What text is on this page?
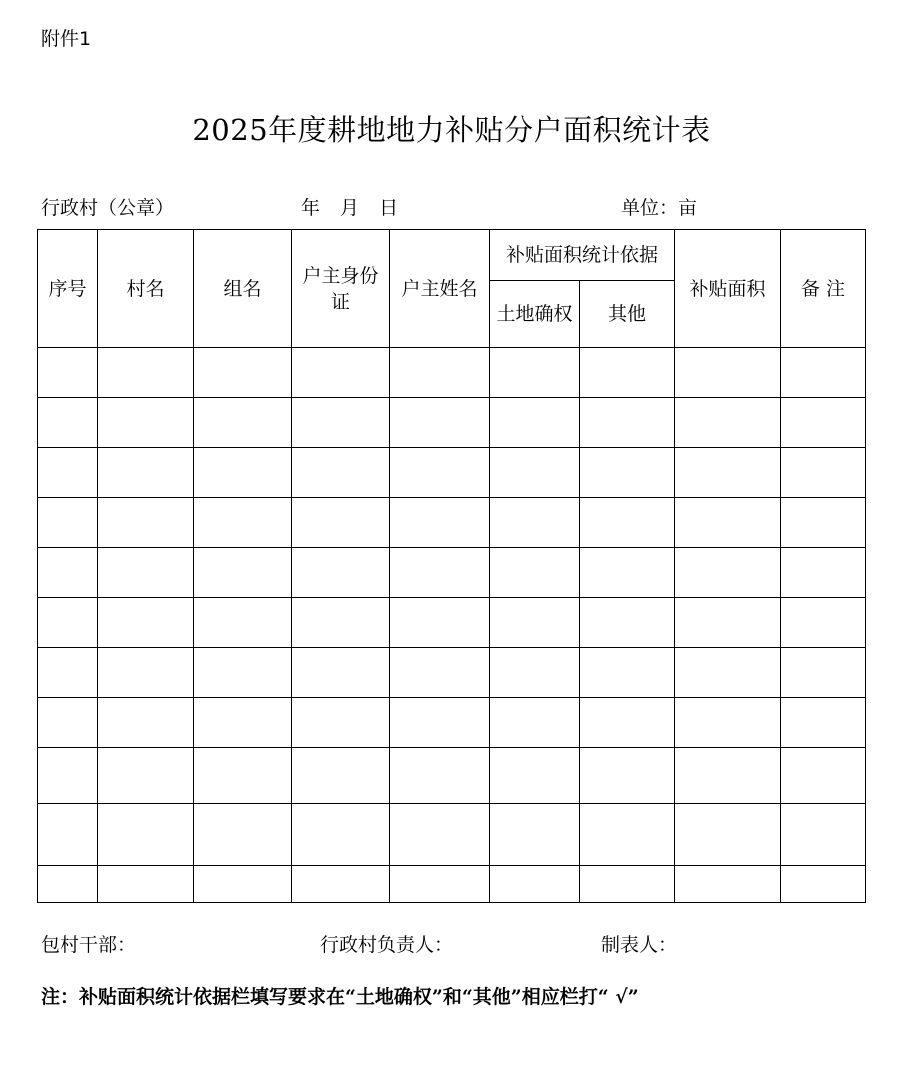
附件1
2025年度耕地地力补贴分户面积统计表
行政村（公章）	年 月 日	单位：亩
序号	村名	组名	户主身份证	户主姓名	补贴面积统计依据		补贴面积	备 注
					土地确权	其他		

包村干部：	行政村负责人：	制表人：
注：补贴面积统计依据栏填写要求在“土地确权”和“其他”相应栏打“ √”
